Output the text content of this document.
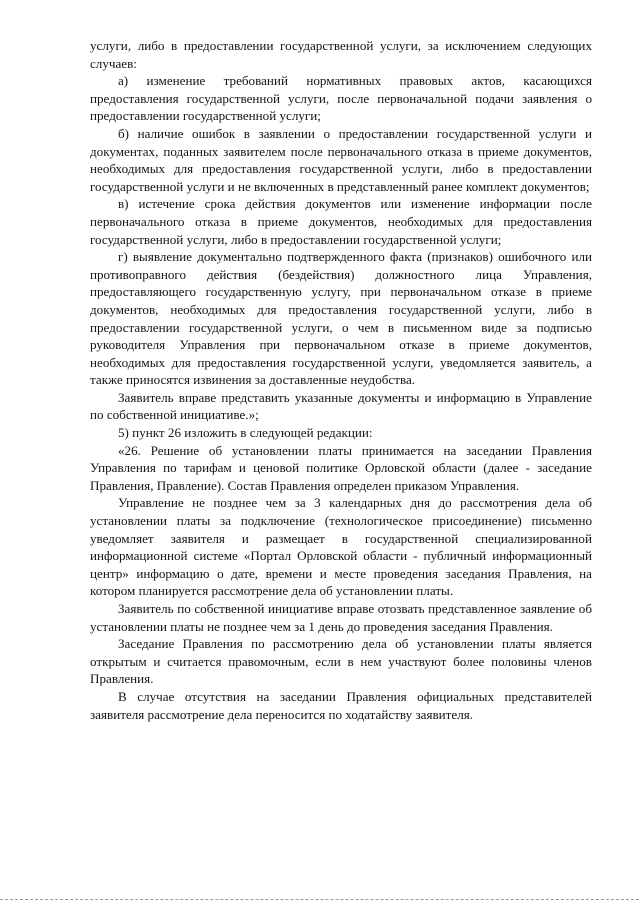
услуги, либо в предоставлении государственной услуги, за исключением следующих случаев:

а) изменение требований нормативных правовых актов, касающихся предоставления государственной услуги, после первоначальной подачи заявления о предоставлении государственной услуги;

б) наличие ошибок в заявлении о предоставлении государственной услуги и документах, поданных заявителем после первоначального отказа в приеме документов, необходимых для предоставления государственной услуги, либо в предоставлении государственной услуги и не включенных в представленный ранее комплект документов;

в) истечение срока действия документов или изменение информации после первоначального отказа в приеме документов, необходимых для предоставления государственной услуги, либо в предоставлении государственной услуги;

г) выявление документально подтвержденного факта (признаков) ошибочного или противоправного действия (бездействия) должностного лица Управления, предоставляющего государственную услугу, при первоначальном отказе в приеме документов, необходимых для предоставления государственной услуги, либо в предоставлении государственной услуги, о чем в письменном виде за подписью руководителя Управления при первоначальном отказе в приеме документов, необходимых для предоставления государственной услуги, уведомляется заявитель, а также приносятся извинения за доставленные неудобства.

Заявитель вправе представить указанные документы и информацию в Управление по собственной инициативе.»;

5) пункт 26 изложить в следующей редакции:

«26. Решение об установлении платы принимается на заседании Правления Управления по тарифам и ценовой политике Орловской области (далее - заседание Правления, Правление). Состав Правления определен приказом Управления.

Управление не позднее чем за 3 календарных дня до рассмотрения дела об установлении платы за подключение (технологическое присоединение) письменно уведомляет заявителя и размещает в государственной специализированной информационной системе «Портал Орловской области - публичный информационный центр» информацию о дате, времени и месте проведения заседания Правления, на котором планируется рассмотрение дела об установлении платы.

Заявитель по собственной инициативе вправе отозвать представленное заявление об установлении платы не позднее чем за 1 день до проведения заседания Правления.

Заседание Правления по рассмотрению дела об установлении платы является открытым и считается правомочным, если в нем участвуют более половины членов Правления.

В случае отсутствия на заседании Правления официальных представителей заявителя рассмотрение дела переносится по ходатайству заявителя.
